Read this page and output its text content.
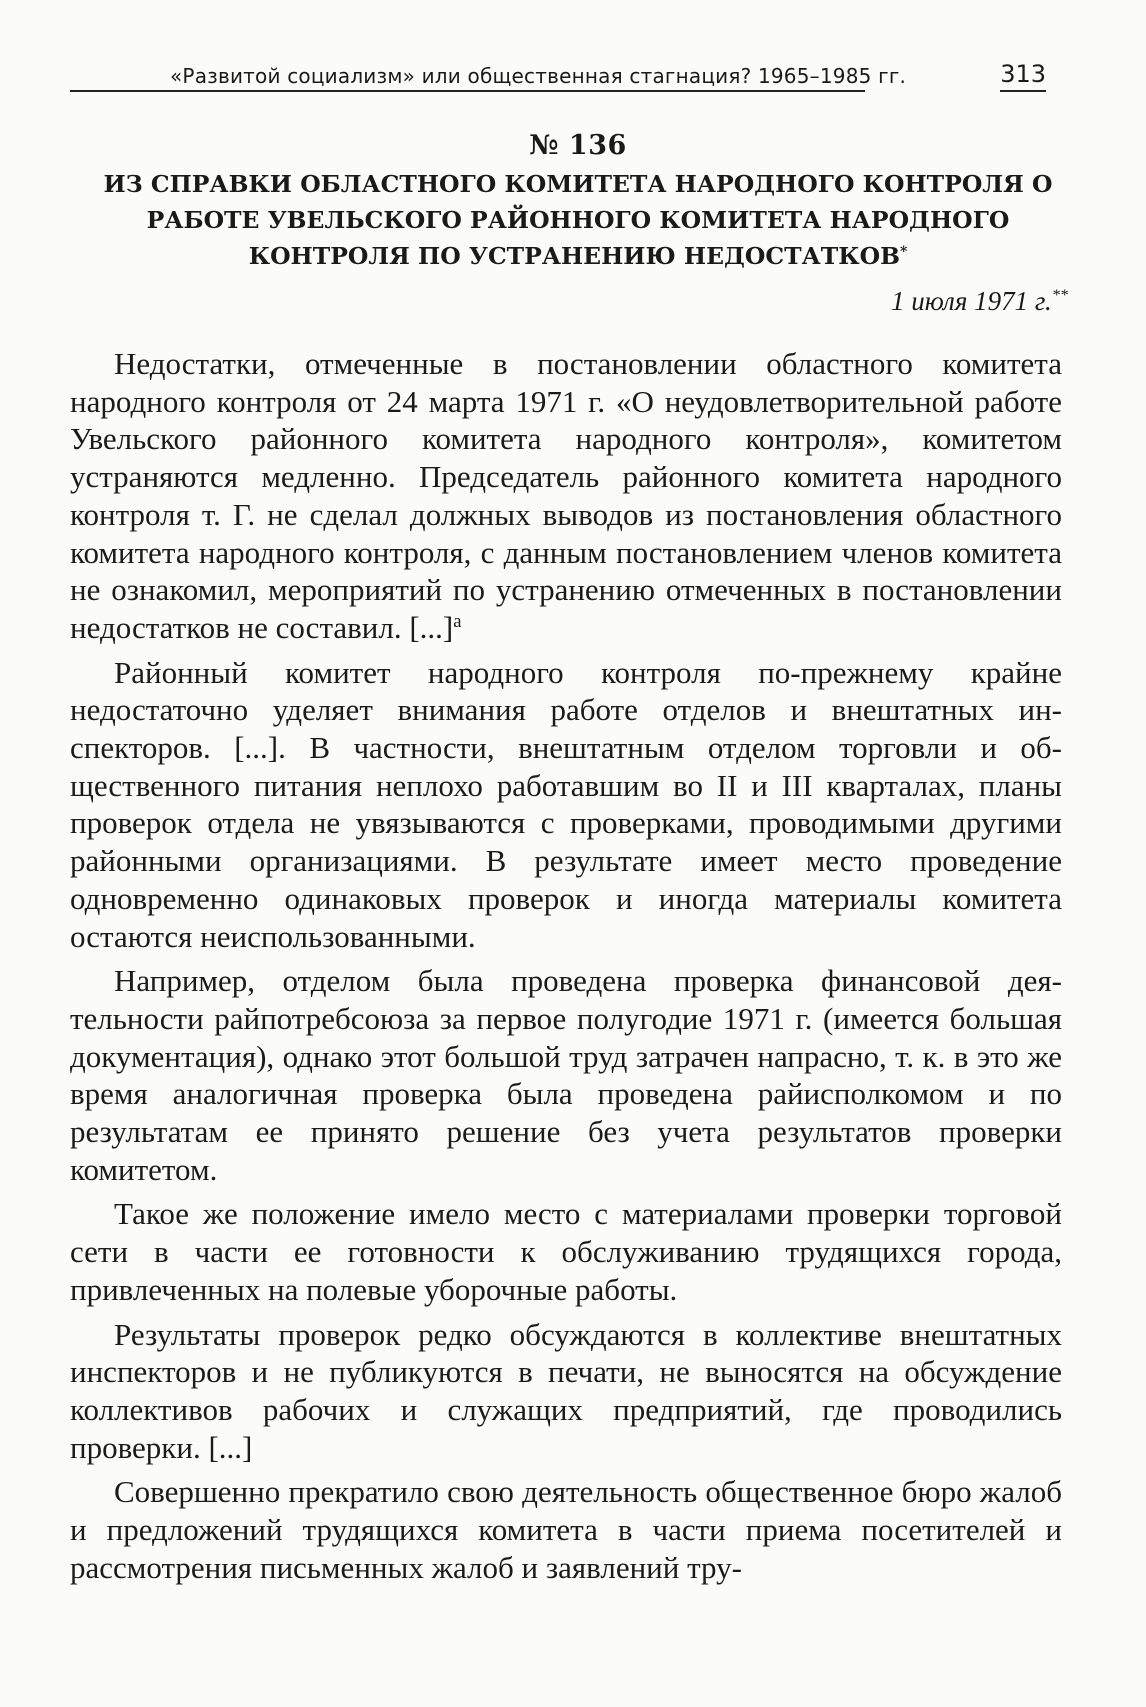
«Развитой социализм» или общественная стагнация? 1965–1985 гг.	313
№ 136
ИЗ СПРАВКИ ОБЛАСТНОГО КОМИТЕТА НАРОДНОГО КОНТРОЛЯ О РАБОТЕ УВЕЛЬСКОГО РАЙОННОГО КОМИТЕТА НАРОДНОГО КОНТРОЛЯ ПО УСТРАНЕНИЮ НЕДОСТАТКОВ*
1 июля 1971 г.**

Недостатки, отмеченные в постановлении областного комитета народного контроля от 24 марта 1971 г. «О неудовлетворительной работе Увельского районного комитета народного контроля», комитетом устраняются медленно. Председатель районного комитета народного контроля т. Г. не сделал должных выводов из постановления областного комитета народного контроля, с данным постановлением членов комитета не ознакомил, мероприятий по устранению отмеченных в постановлении недостатков не составил. [...]$^а$

Районный комитет народного контроля по-прежнему крайне недостаточно уделяет внимания работе отделов и внештатных инспекторов. [...]. В частности, внештатным отделом торговли и общественного питания неплохо работавшим во II и III кварталах, планы проверок отдела не увязываются с проверками, проводимыми другими районными организациями. В результате имеет место проведение одновременно одинаковых проверок и иногда материалы комитета остаются неиспользованными.

Например, отделом была проведена проверка финансовой деятельности райпотребсоюза за первое полугодие 1971 г. (имеется большая документация), однако этот большой труд затрачен напрасно, т. к. в это же время аналогичная проверка была проведена райисполкомом и по результатам ее принято решение без учета результатов проверки комитетом.

Такое же положение имело место с материалами проверки торговой сети в части ее готовности к обслуживанию трудящихся города, привлеченных на полевые уборочные работы.

Результаты проверок редко обсуждаются в коллективе внештатных инспекторов и не публикуются в печати, не выносятся на обсуждение коллективов рабочих и служащих предприятий, где проводились проверки. [...]

Совершенно прекратило свою деятельность общественное бюро жалоб и предложений трудящихся комитета в части приема посетителей и рассмотрения письменных жалоб и заявлений тру-
